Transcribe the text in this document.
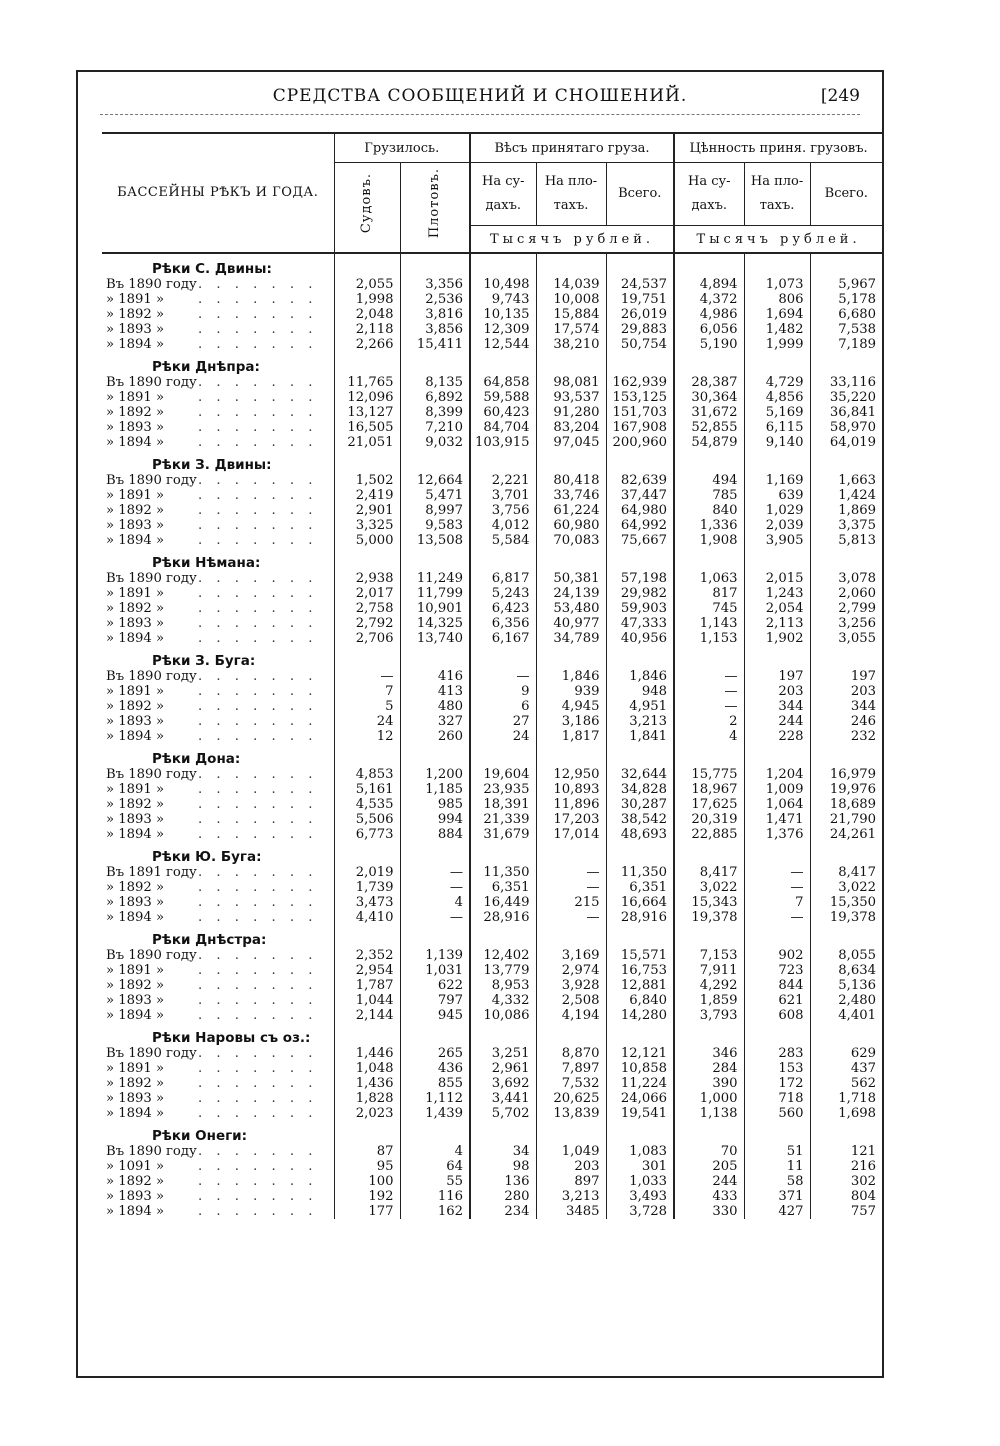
СРЕДСТВА СООБЩЕНИЙ И СНОШЕНИЙ.	[249
БАССЕЙНЫ РѢКЪ И ГОДА.	Грузилось.		Вѣсъ принятаго груза.			Цѣнность приня. грузовъ.		
	Судовъ.	Плотовъ.	На су- дахъ.	На пло- тахъ.	Всего.	На су- дахъ.	На пло- тахъ.	Всего.
			Тысячъ рублей.			Тысячъ рублей.		
Рѣки С. Двины:								
Въ 1890 году. . . . . . .	2,055	3,356	10,498	14,039	24,537	4,894	1,073	5,967
» 1891 » . . . . . . .	1,998	2,536	9,743	10,008	19,751	4,372	806	5,178
» 1892 » . . . . . . .	2,048	3,816	10,135	15,884	26,019	4,986	1,694	6,680
» 1893 » . . . . . . .	2,118	3,856	12,309	17,574	29,883	6,056	1,482	7,538
» 1894 » . . . . . . .	2,266	15,411	12,544	38,210	50,754	5,190	1,999	7,189
Рѣки Днѣпра:								
Въ 1890 году. . . . . . .	11,765	8,135	64,858	98,081	162,939	28,387	4,729	33,116
» 1891 » . . . . . . .	12,096	6,892	59,588	93,537	153,125	30,364	4,856	35,220
» 1892 » . . . . . . .	13,127	8,399	60,423	91,280	151,703	31,672	5,169	36,841
» 1893 » . . . . . . .	16,505	7,210	84,704	83,204	167,908	52,855	6,115	58,970
» 1894 » . . . . . . .	21,051	9,032	103,915	97,045	200,960	54,879	9,140	64,019
Рѣки З. Двины:								
Въ 1890 году. . . . . . .	1,502	12,664	2,221	80,418	82,639	494	1,169	1,663
» 1891 » . . . . . . .	2,419	5,471	3,701	33,746	37,447	785	639	1,424
» 1892 » . . . . . . .	2,901	8,997	3,756	61,224	64,980	840	1,029	1,869
» 1893 » . . . . . . .	3,325	9,583	4,012	60,980	64,992	1,336	2,039	3,375
» 1894 » . . . . . . .	5,000	13,508	5,584	70,083	75,667	1,908	3,905	5,813
Рѣки Нѣмана:								
Въ 1890 году. . . . . . .	2,938	11,249	6,817	50,381	57,198	1,063	2,015	3,078
» 1891 » . . . . . . .	2,017	11,799	5,243	24,139	29,982	817	1,243	2,060
» 1892 » . . . . . . .	2,758	10,901	6,423	53,480	59,903	745	2,054	2,799
» 1893 » . . . . . . .	2,792	14,325	6,356	40,977	47,333	1,143	2,113	3,256
» 1894 » . . . . . . .	2,706	13,740	6,167	34,789	40,956	1,153	1,902	3,055
Рѣки З. Буга:								
Въ 1890 году. . . . . . .	—	416	—	1,846	1,846	—	197	197
» 1891 » . . . . . . .	7	413	9	939	948	—	203	203
» 1892 » . . . . . . .	5	480	6	4,945	4,951	—	344	344
» 1893 » . . . . . . .	24	327	27	3,186	3,213	2	244	246
» 1894 » . . . . . . .	12	260	24	1,817	1,841	4	228	232
Рѣки Дона:								
Въ 1890 году. . . . . . .	4,853	1,200	19,604	12,950	32,644	15,775	1,204	16,979
» 1891 » . . . . . . .	5,161	1,185	23,935	10,893	34,828	18,967	1,009	19,976
» 1892 » . . . . . . .	4,535	985	18,391	11,896	30,287	17,625	1,064	18,689
» 1893 » . . . . . . .	5,506	994	21,339	17,203	38,542	20,319	1,471	21,790
» 1894 » . . . . . . .	6,773	884	31,679	17,014	48,693	22,885	1,376	24,261
Рѣки Ю. Буга:								
Въ 1891 году. . . . . . .	2,019	—	11,350	—	11,350	8,417	—	8,417
» 1892 » . . . . . . .	1,739	—	6,351	—	6,351	3,022	—	3,022
» 1893 » . . . . . . .	3,473	4	16,449	215	16,664	15,343	7	15,350
» 1894 » . . . . . . .	4,410	—	28,916	—	28,916	19,378	—	19,378
Рѣки Днѣстра:								
Въ 1890 году. . . . . . .	2,352	1,139	12,402	3,169	15,571	7,153	902	8,055
» 1891 » . . . . . . .	2,954	1,031	13,779	2,974	16,753	7,911	723	8,634
» 1892 » . . . . . . .	1,787	622	8,953	3,928	12,881	4,292	844	5,136
» 1893 » . . . . . . .	1,044	797	4,332	2,508	6,840	1,859	621	2,480
» 1894 » . . . . . . .	2,144	945	10,086	4,194	14,280	3,793	608	4,401
Рѣки Наровы съ оз.:								
Въ 1890 году. . . . . . .	1,446	265	3,251	8,870	12,121	346	283	629
» 1891 » . . . . . . .	1,048	436	2,961	7,897	10,858	284	153	437
» 1892 » . . . . . . .	1,436	855	3,692	7,532	11,224	390	172	562
» 1893 » . . . . . . .	1,828	1,112	3,441	20,625	24,066	1,000	718	1,718
» 1894 » . . . . . . .	2,023	1,439	5,702	13,839	19,541	1,138	560	1,698
Рѣки Онеги:								
Въ 1890 году. . . . . . .	87	4	34	1,049	1,083	70	51	121
» 1091 » . . . . . . .	95	64	98	203	301	205	11	216
» 1892 » . . . . . . .	100	55	136	897	1,033	244	58	302
» 1893 » . . . . . . .	192	116	280	3,213	3,493	433	371	804
» 1894 » . . . . . . .	177	162	234	3485	3,728	330	427	757
